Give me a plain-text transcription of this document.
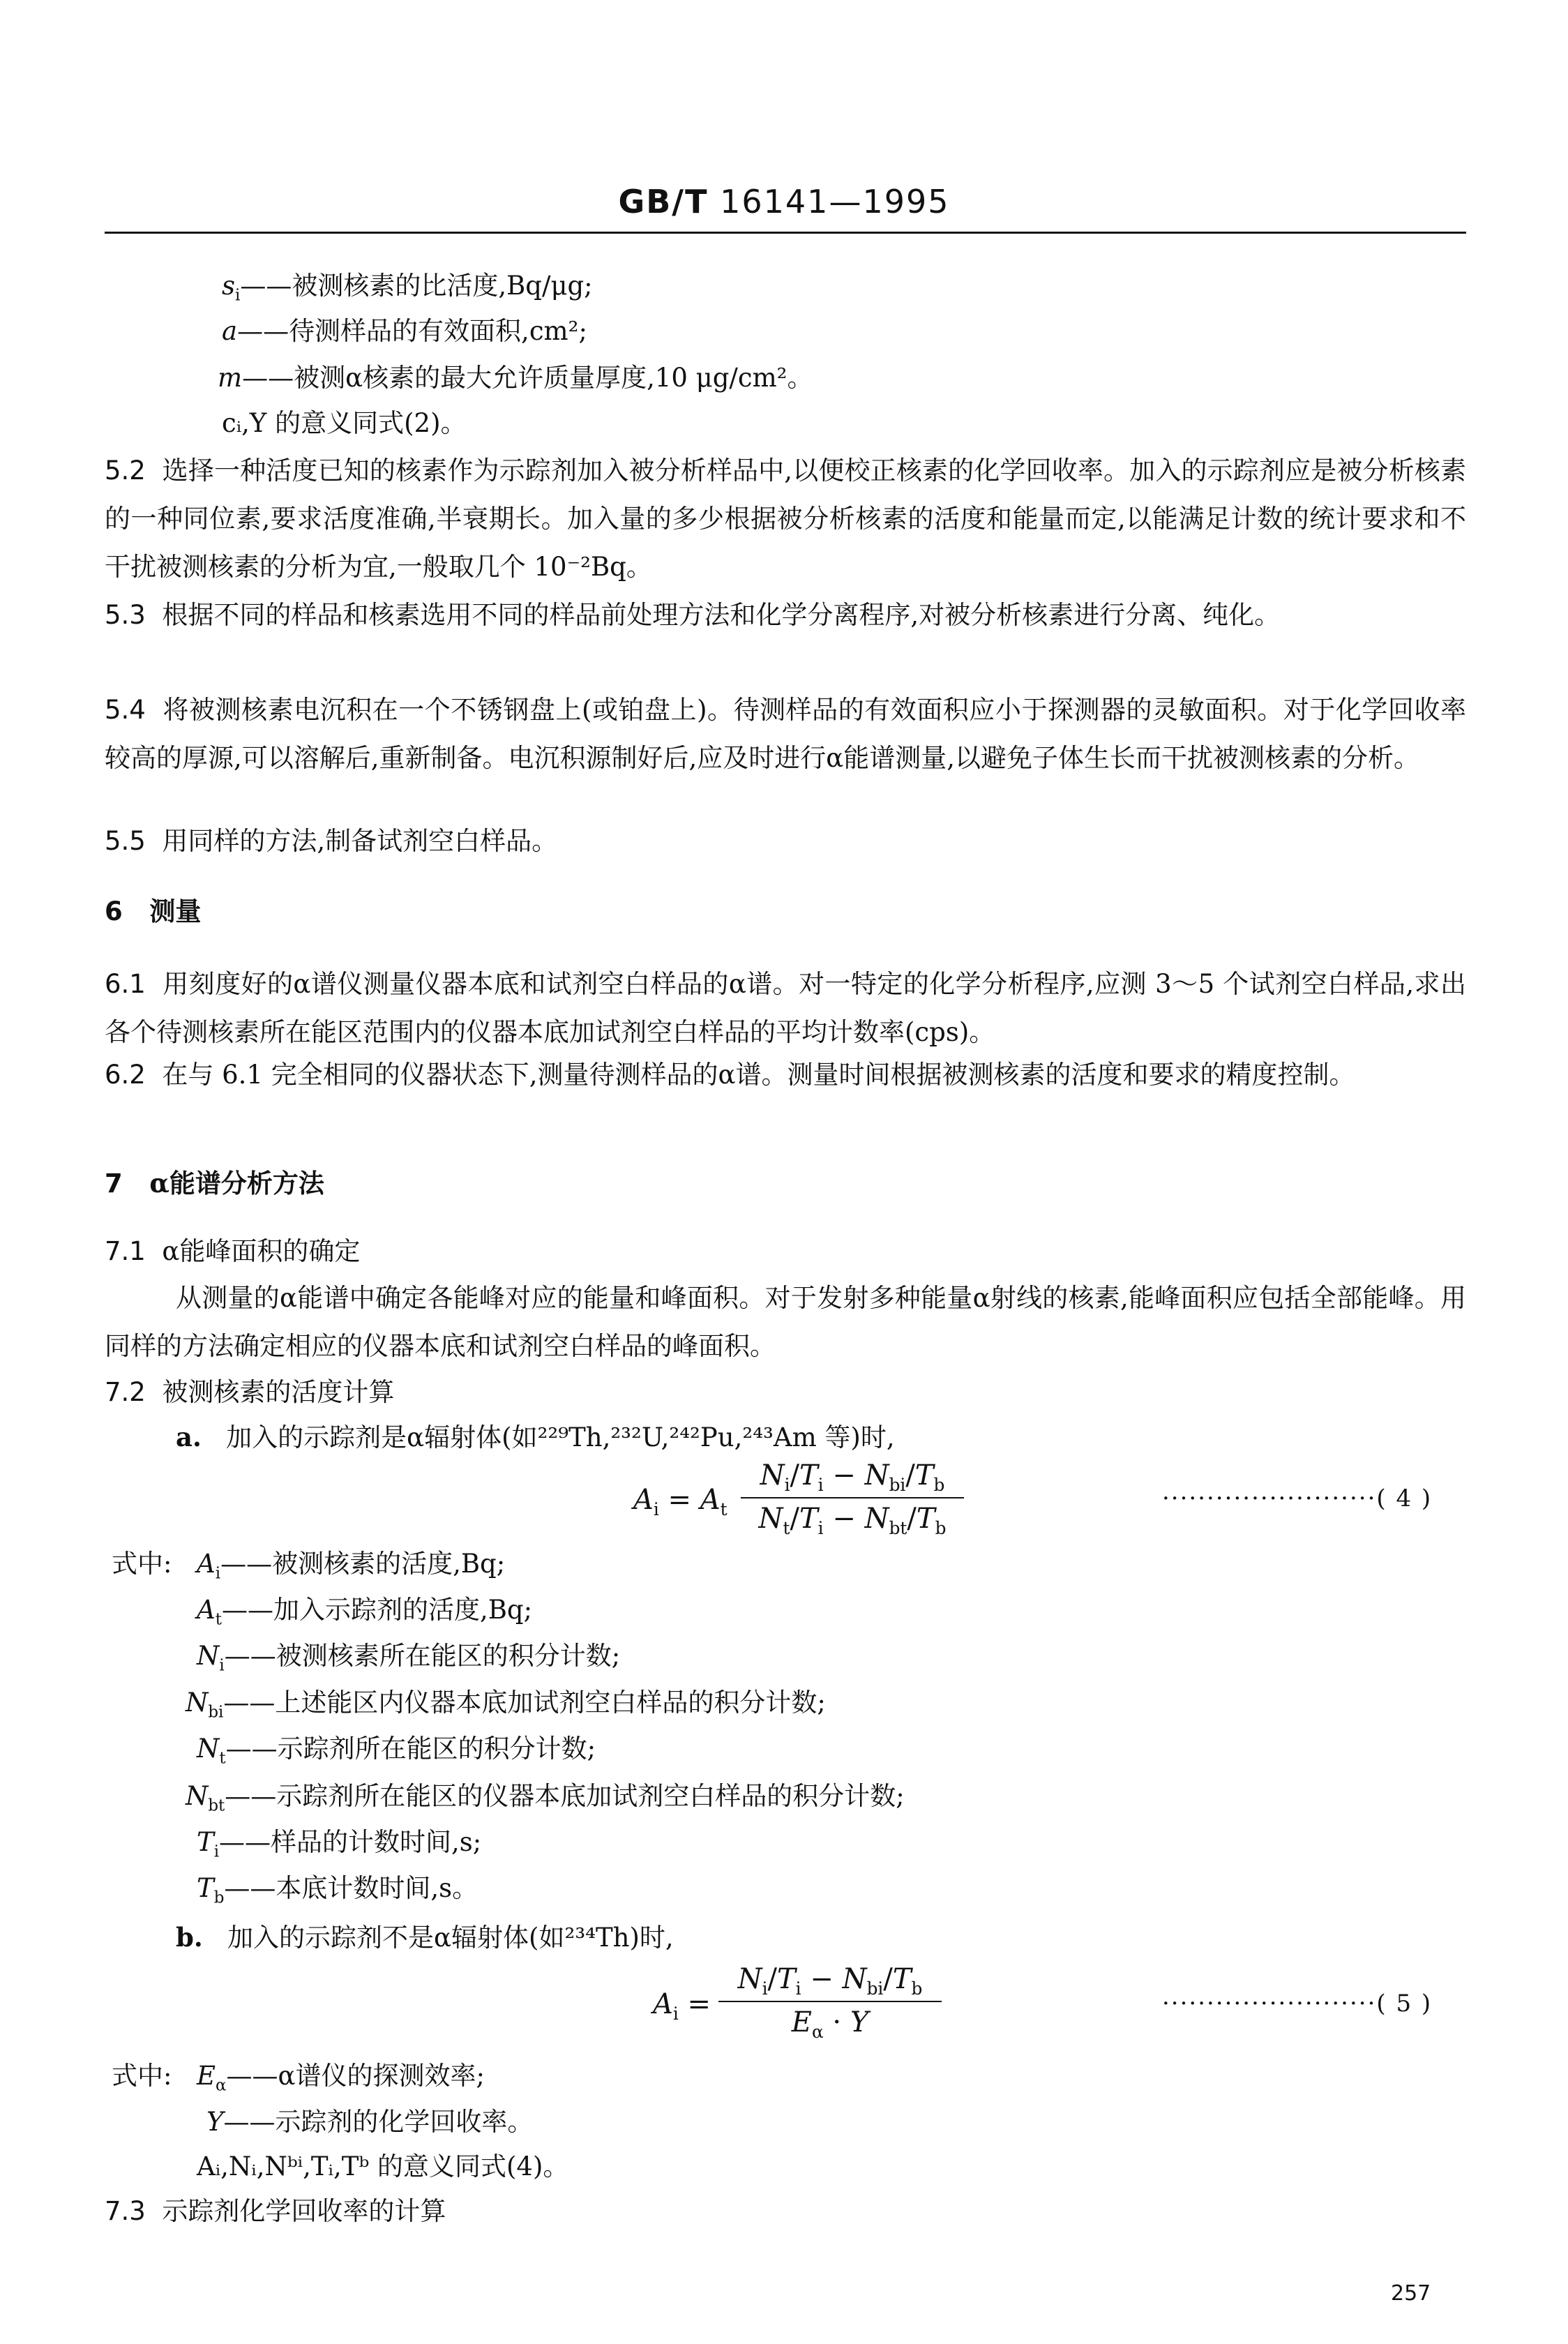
GB/T 16141—1995
$s_i——$被测核素的比活度,Bq/μg;
a——待测样品的有效面积,cm²;
m——被测α核素的最大允许质量厚度,10 μg/cm²。
cᵢ,Y 的意义同式(2)。
5.2 选择一种活度已知的核素作为示踪剂加入被分析样品中,以便校正核素的化学回收率。加入的示踪剂应是被分析核素的一种同位素,要求活度准确,半衰期长。加入量的多少根据被分析核素的活度和能量而定,以能满足计数的统计要求和不干扰被测核素的分析为宜,一般取几个 10⁻²Bq。
5.3 根据不同的样品和核素选用不同的样品前处理方法和化学分离程序,对被分析核素进行分离、纯化。
5.4 将被测核素电沉积在一个不锈钢盘上(或铂盘上)。待测样品的有效面积应小于探测器的灵敏面积。对于化学回收率较高的厚源,可以溶解后,重新制备。电沉积源制好后,应及时进行α能谱测量,以避免子体生长而干扰被测核素的分析。
5.5 用同样的方法,制备试剂空白样品。
6 测量
6.1 用刻度好的α谱仪测量仪器本底和试剂空白样品的α谱。对一特定的化学分析程序,应测 3～5 个试剂空白样品,求出各个待测核素所在能区范围内的仪器本底加试剂空白样品的平均计数率(cps)。
6.2 在与 6.1 完全相同的仪器状态下,测量待测样品的α谱。测量时间根据被测核素的活度和要求的精度控制。
7 α能谱分析方法
7.1 α能峰面积的确定
从测量的α能谱中确定各能峰对应的能量和峰面积。对于发射多种能量α射线的核素,能峰面积应包括全部能峰。用同样的方法确定相应的仪器本底和试剂空白样品的峰面积。
7.2 被测核素的活度计算
a. 加入的示踪剂是α辐射体(如²²⁹Th,²³²U,²⁴²Pu,²⁴³Am 等)时,
$A_i = A_t$
$N_i/T_i - N_{bi}/T_b$
$N_t/T_i - N_{bt}/T_b$
························( 4 )
式中: $A_i——$被测核素的活度,Bq;
$A_t——$加入示踪剂的活度,Bq;
$N_i——$被测核素所在能区的积分计数;
$N_{bi}——$上述能区内仪器本底加试剂空白样品的积分计数;
$N_t——$示踪剂所在能区的积分计数;
$N_{bt}——$示踪剂所在能区的仪器本底加试剂空白样品的积分计数;
$T_i——$样品的计数时间,s;
$T_b——$本底计数时间,s。
b. 加入的示踪剂不是α辐射体(如²³⁴Th)时,
$A_i$ =
$N_i/T_i - N_{bi}/T_b$
$E_\alpha \cdot Y$
························( 5 )
式中: $E_\alpha——\alpha$谱仪的探测效率;
Y——示踪剂的化学回收率。
Aᵢ,Nᵢ,Nᵇⁱ,Tᵢ,Tᵇ 的意义同式(4)。
7.3 示踪剂化学回收率的计算
257
